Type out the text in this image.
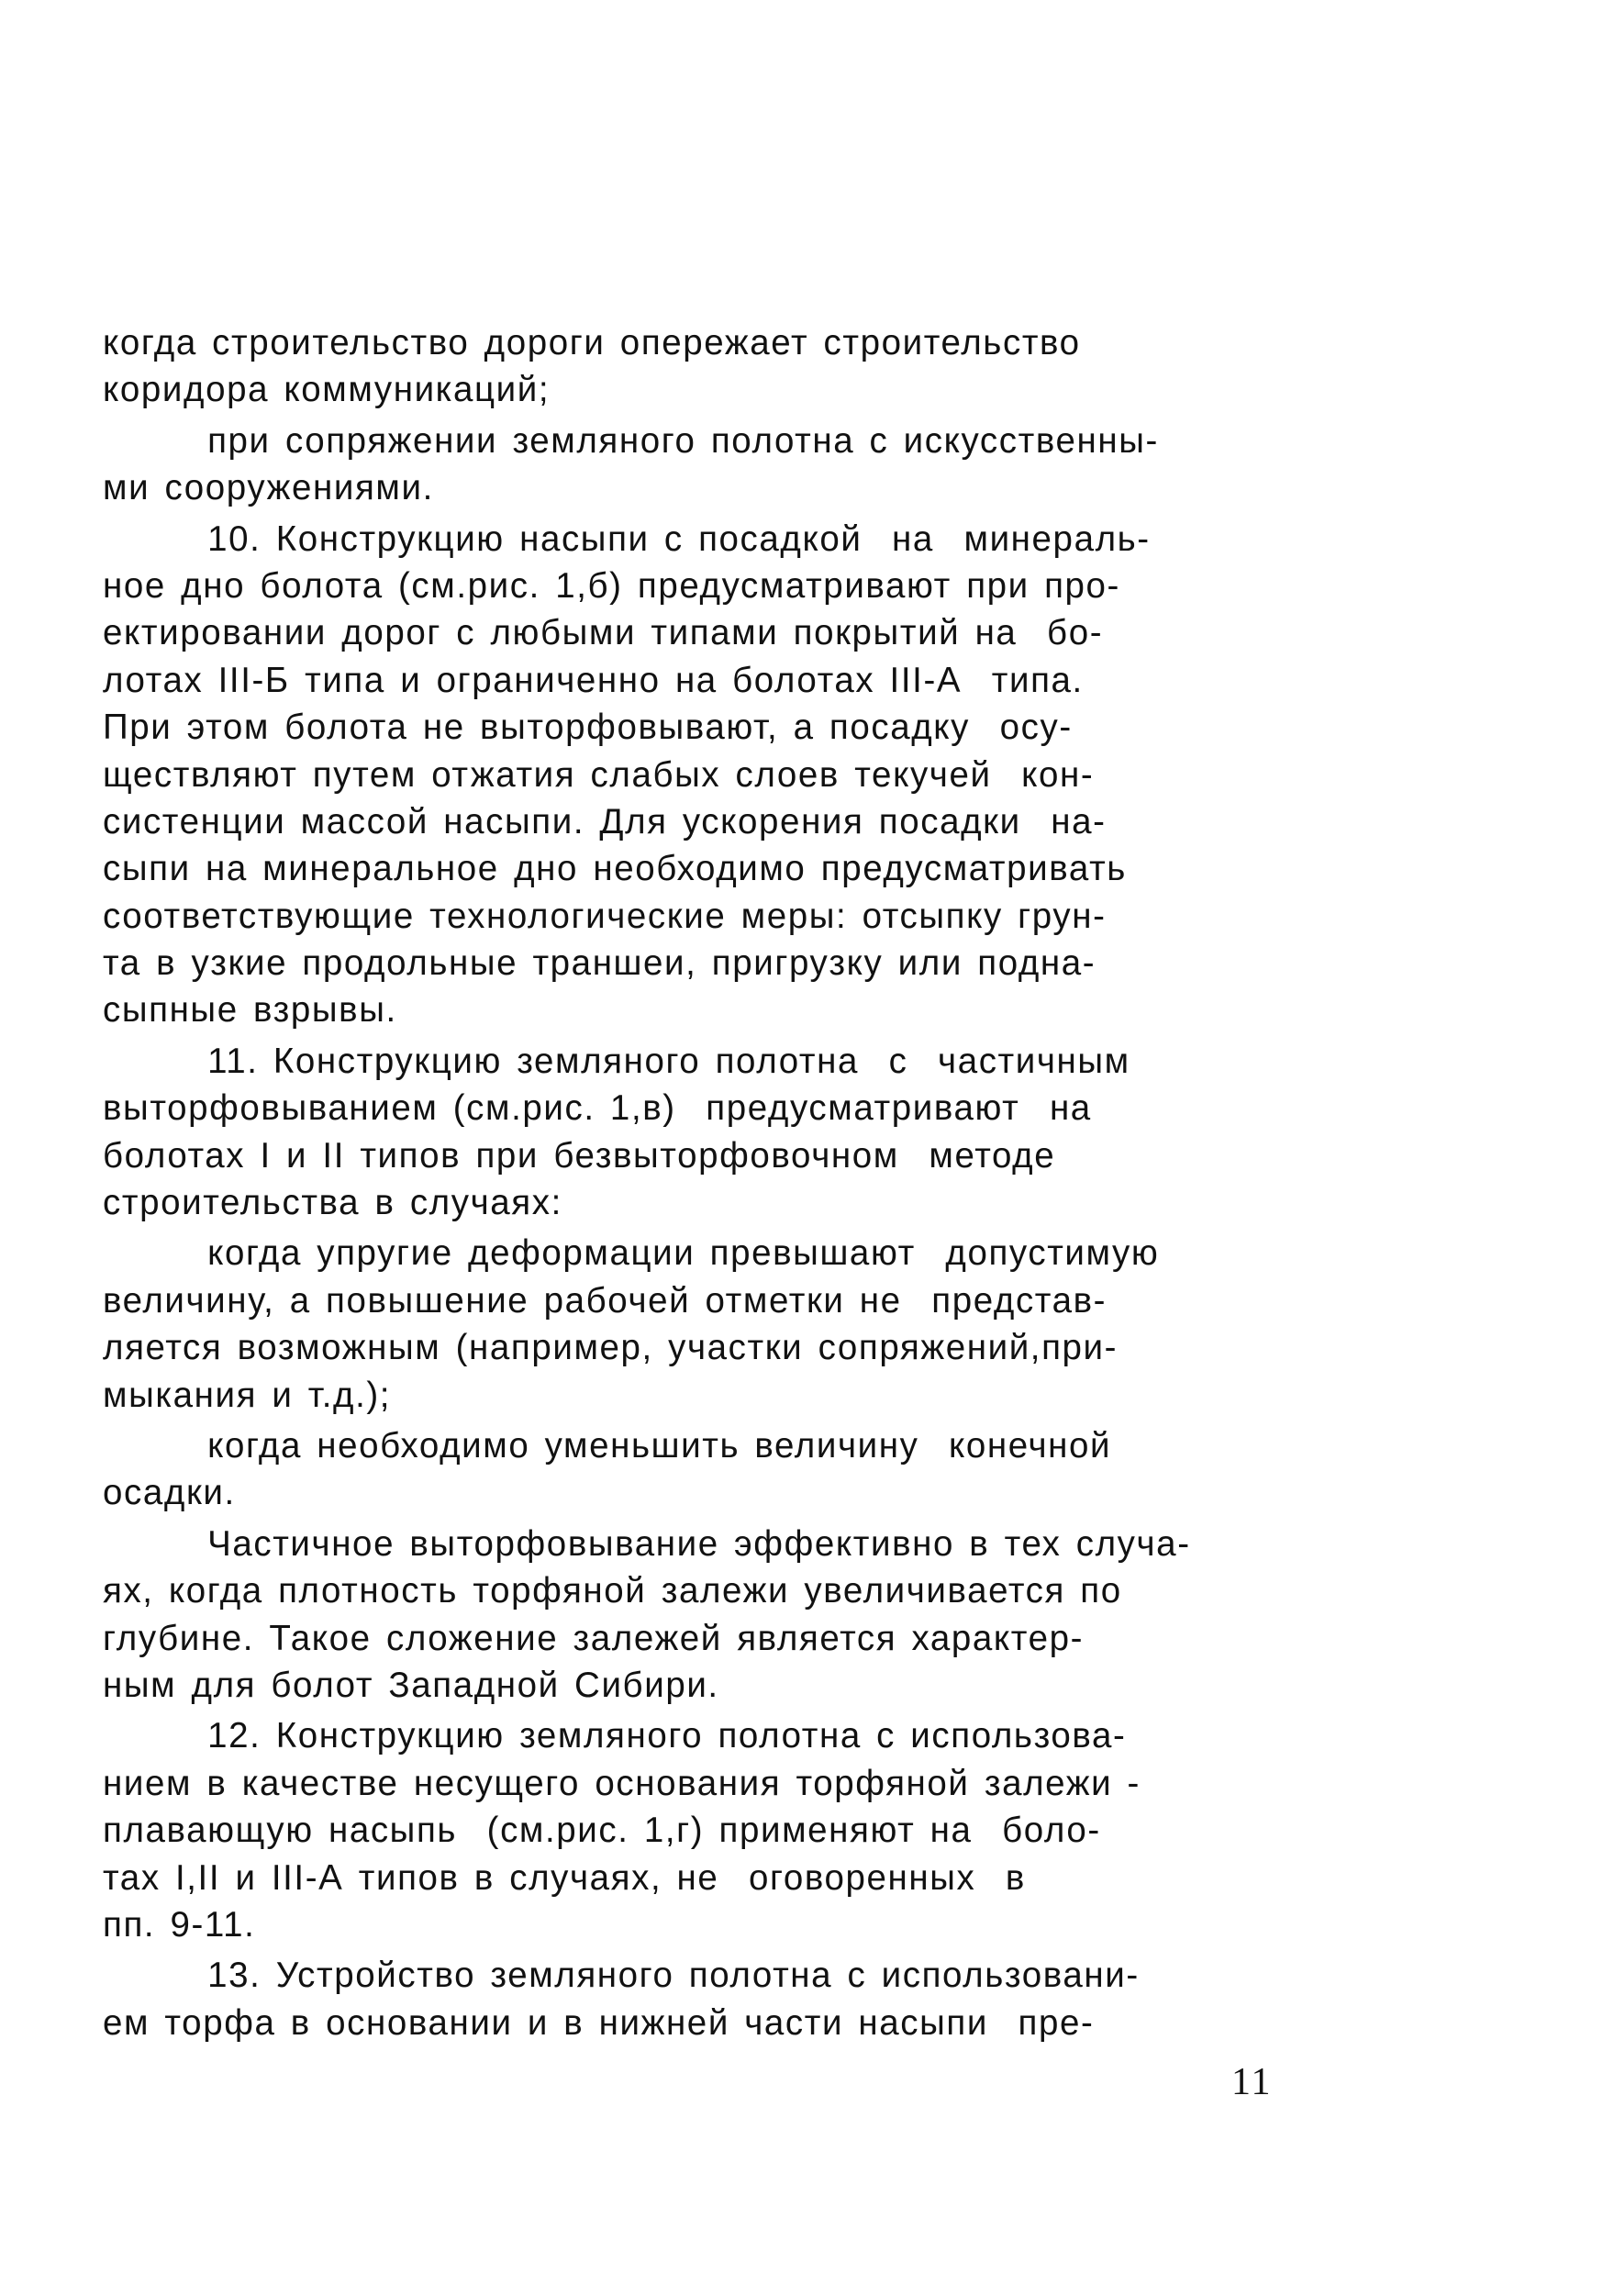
когда строительство дороги опережает строительство
коридора коммуникаций;
при сопряжении земляного полотна с искусственны-
ми сооружениями.
10. Конструкцию насыпи с посадкой  на  минераль-
ное дно болота (см.рис. 1,б) предусматривают при про-
ектировании дорог с любыми типами покрытий на  бо-
лотах III-Б типа и ограниченно на болотах III-А  типа.
При этом болота не выторфовывают, а посадку  осу-
ществляют путем отжатия слабых слоев текучей  кон-
систенции массой насыпи. Для ускорения посадки  на-
сыпи на минеральное дно необходимо предусматривать
соответствующие технологические меры: отсыпку грун-
та в узкие продольные траншеи, пригрузку или подна-
сыпные взрывы.
11. Конструкцию земляного полотна  с  частичным
выторфовыванием (см.рис. 1,в)  предусматривают  на
болотах I и II типов при безвыторфовочном  методе
строительства в случаях:
когда упругие деформации превышают  допустимую
величину, а повышение рабочей отметки не  представ-
ляется возможным (например, участки сопряжений,при-
мыкания и т.д.);
когда необходимо уменьшить величину  конечной
осадки.
Частичное выторфовывание эффективно в тех случа-
ях, когда плотность торфяной залежи увеличивается по
глубине. Такое сложение залежей является характер-
ным для болот Западной Сибири.
12. Конструкцию земляного полотна с использова-
нием в качестве несущего основания торфяной залежи -
плавающую насыпь  (см.рис. 1,г) применяют на  боло-
тах I,II и III-А типов в случаях, не  оговоренных  в
пп. 9-11.
13. Устройство земляного полотна с использовани-
ем торфа в основании и в нижней части насыпи  пре-
11
